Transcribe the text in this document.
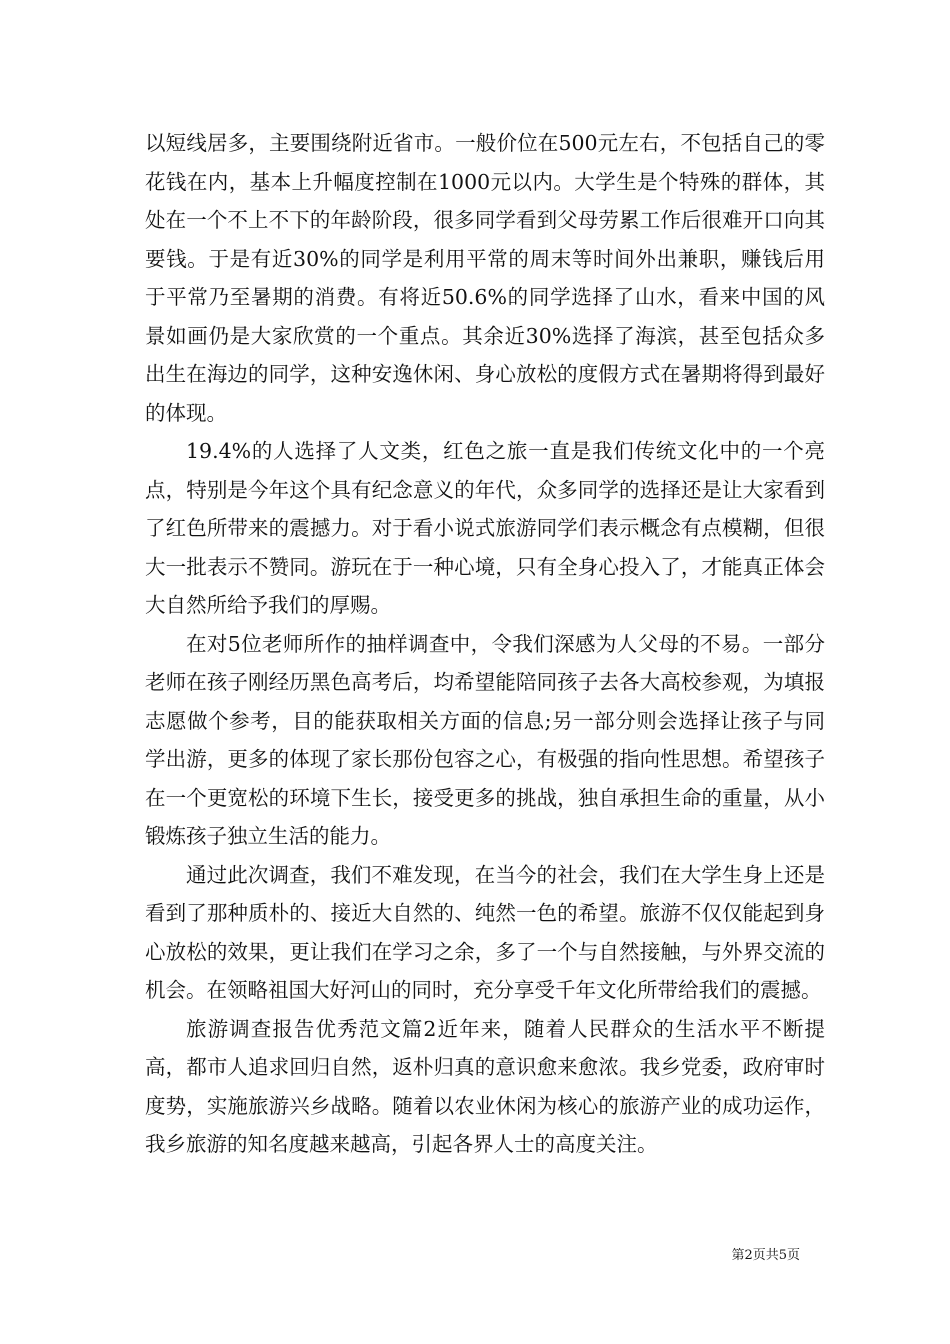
以短线居多，主要围绕附近省市。一般价位在500元左右，不包括自己的零花钱在内，基本上升幅度控制在1000元以内。大学生是个特殊的群体，其处在一个不上不下的年龄阶段，很多同学看到父母劳累工作后很难开口向其要钱。于是有近30%的同学是利用平常的周末等时间外出兼职，赚钱后用于平常乃至暑期的消费。有将近50.6%的同学选择了山水，看来中国的风景如画仍是大家欣赏的一个重点。其余近30%选择了海滨，甚至包括众多出生在海边的同学，这种安逸休闲、身心放松的度假方式在暑期将得到最好的体现。

19.4%的人选择了人文类，红色之旅一直是我们传统文化中的一个亮点，特别是今年这个具有纪念意义的年代，众多同学的选择还是让大家看到了红色所带来的震撼力。对于看小说式旅游同学们表示概念有点模糊，但很大一批表示不赞同。游玩在于一种心境，只有全身心投入了，才能真正体会大自然所给予我们的厚赐。

在对5位老师所作的抽样调查中，令我们深感为人父母的不易。一部分老师在孩子刚经历黑色高考后，均希望能陪同孩子去各大高校参观，为填报志愿做个参考，目的能获取相关方面的信息;另一部分则会选择让孩子与同学出游，更多的体现了家长那份包容之心，有极强的指向性思想。希望孩子在一个更宽松的环境下生长，接受更多的挑战，独自承担生命的重量，从小锻炼孩子独立生活的能力。

通过此次调查，我们不难发现，在当今的社会，我们在大学生身上还是看到了那种质朴的、接近大自然的、纯然一色的希望。旅游不仅仅能起到身心放松的效果，更让我们在学习之余，多了一个与自然接触，与外界交流的机会。在领略祖国大好河山的同时，充分享受千年文化所带给我们的震撼。

旅游调查报告优秀范文篇2近年来，随着人民群众的生活水平不断提高，都市人追求回归自然，返朴归真的意识愈来愈浓。我乡党委，政府审时度势，实施旅游兴乡战略。随着以农业休闲为核心的旅游产业的成功运作，我乡旅游的知名度越来越高，引起各界人士的高度关注。

第2页共5页
